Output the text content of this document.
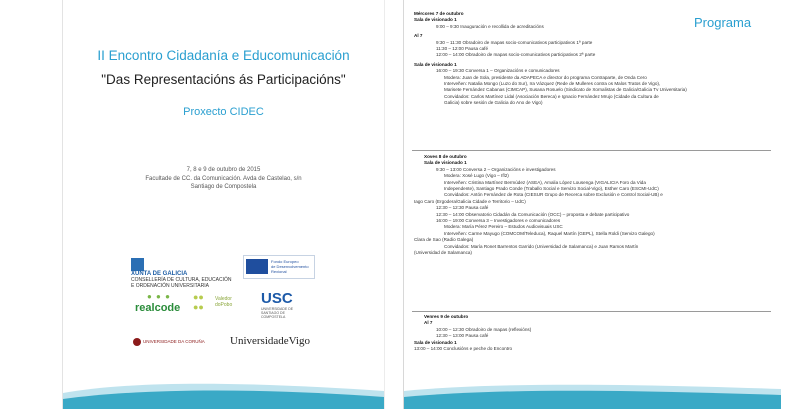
II Encontro Cidadanía e Educomunicación
"Das Representacións ás Participacións"
Proxecto CIDEC
7, 8 e 9 de outubro de 2015
Facultade de CC. da Comunicación. Avda de Castelao, s/n
Santiago de Compostela

XUNTA DE GALICIA
CONSELLERÍA DE CULTURA, EDUCACIÓN
E ORDENACIÓN UNIVERSITARIA
Fondo Europeo
de Desenvolvemento Rexional
● ● ●
realcode
●●
●●
Valedor
doPobo USC
UNIVERSIDADE DE SANTIAGO DE COMPOSTELA
UNIVERSIDADE DA CORUÑA UniversidadeVigo
Programa
Mércores 7 de outubro
Sala de visionado 1
9:00 – 9:30 Inauguración e recollida de acreditacións
Al 7
9:30 – 11:30 Obradoiro de mapas socio-comunicativos participativos 1ª parte
11:30 – 12:00 Pausa café
12:00 – 14:00 Obradoiro de mapas socio-comunicativos participativos 2ª parte
Sala de visionado 1
16:00 – 19:30 Conversa 1 – Organizacións e comunicadores
Modera: Juan de Sola, presidente da ADAPECA e director do programa Contraparte, de Onda Cero
Interveñen: Natalia Mongo (Luzo do Sur), Ira Vázquez (Rede de Mulleres contra os Malos Tratos de Vigo),
Marisete Fernández Cabanas (CIMCAP), Susana Rosuelo (Sindicato de Xornalistas de Galicia/Galicia Tv Universitaria)
Convidados: Carlos Martínez Lidal (Asociación Bereca) e Ignacio Fernández Mrujo (Cidade da Cultura de
Galicia) sobre sesión de Galicia do Ano de Vigo)
Xoves 8 de outubro
Sala de visionado 1
9:30 – 13:00 Conversa 2 – Organizacións e investigadores
Modera: Xosé Lugo (Vigo – Ifl2)
Interveñen: Cristina Martínez Bermúdez (ASEA), Amalia López Lousenga (VIGALICIA Foro da Vida
Independente), Santiago Prado Conde (Traballo Social e Servizo Social-Vigo), Esther Caro (ESCMI-UdC)
Convidados: Antón Fernández de Rota (CIESUR Grupo de Recerca sobre Exclusión e Control Social-UB) e
Iago Caro (Ergodera/Galicia Cidade e Territorio – UdC)
12:30 – 12:30 Pausa café
12:30 – 14:00 Observatorio Cidadán da Comunicación (OCC) – proposta e debate participativo
16:00 – 19:00 Conversa 3 – Investigadores e comunicadores
Modera: María Pérez Pereiro – Estudos Audiovisuais USC
Interveñen: Carme Mayugo (COMCOM/Teleduca), Raquel Martín (GEPL), Stella Roldi (Servizo Galego)
Clara de Sao (Radio Galega)
Convidados: María Ronet Barrentos Garrido (Universidad de Salamanca) e Juan Ramos Martín
(Universidad de Salamanca)
Venres 9 de outubro
Al 7
10:00 – 12:30 Obradoiro de mapas (reflexións)
12:30 – 13:00 Pausa café
Sala de visionado 1
13:00 – 14:00 Conclusións e peche do Encontro
